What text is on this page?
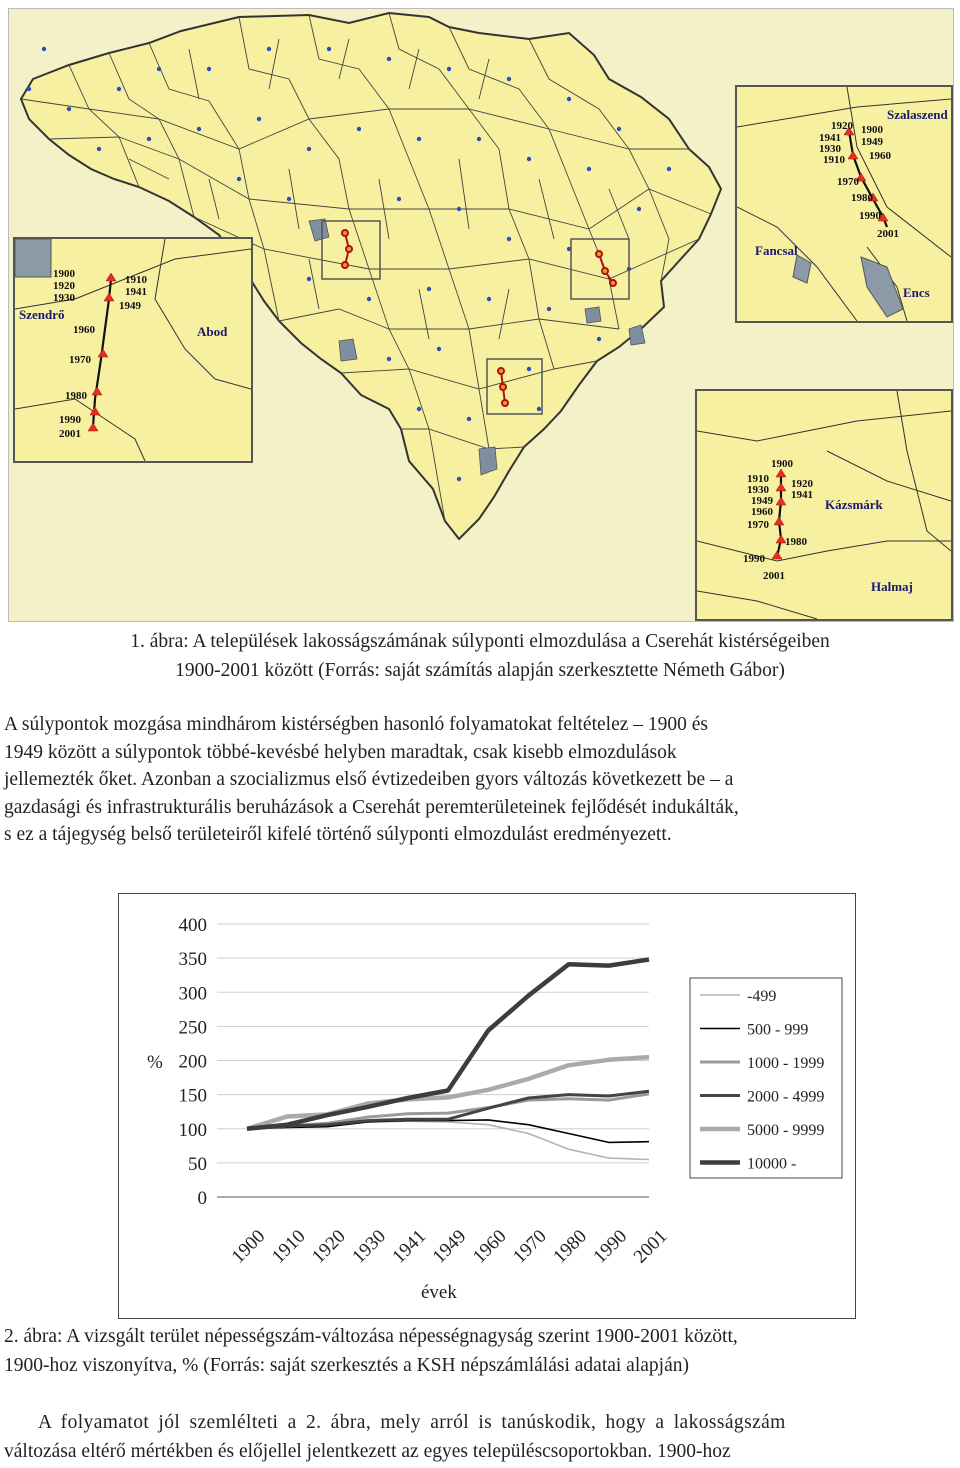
Szendrő
Abod
1900
1920
1930
1910
1941
1949
1960
1970
1980
1990
2001
Szalaszend
Fancsal
Encs
1920
1941
1930
1910
1900
1949
1960
1970
1980
1990
2001
Kázsmárk
Halmaj
1900
1910
1930 1920
1941
1949
1960
1970
1980
1990
2001
1. ábra: A települések lakosságszámának súlyponti elmozdulása a Cserehát kistérségeiben
1900-2001 között (Forrás: saját számítás alapján szerkesztette Németh Gábor)
A súlypontok mozgása mindhárom kistérségben hasonló folyamatokat feltételez – 1900 és
1949 között a súlypontok többé-kevésbé helyben maradtak, csak kisebb elmozdulások
jellemezték őket. Azonban a szocializmus első évtizedeiben gyors változás következett be – a
gazdasági és infrastrukturális beruházások a Cserehát peremterületeinek fejlődését indukálták,
s ez a tájegység belső területeiről kifelé történő súlyponti elmozdulást eredményezett.
0
50
100
150
200
250
300
350
400
1900
1910
1920
1930
1941
1949
1960
1970
1980
1990
2001
%
évek
-499
500 - 999
1000 - 1999
2000 - 4999
5000 - 9999
10000 -
2. ábra: A vizsgált terület népességszám-változása népességnagyság szerint 1900-2001 között,
1900-hoz viszonyítva, % (Forrás: saját szerkesztés a KSH népszámlálási adatai alapján)
A folyamatot jól szemlélteti a 2. ábra, mely arról is tanúskodik, hogy a lakosságszám
változása eltérő mértékben és előjellel jelentkezett az egyes településcsoportokban. 1900-hoz
